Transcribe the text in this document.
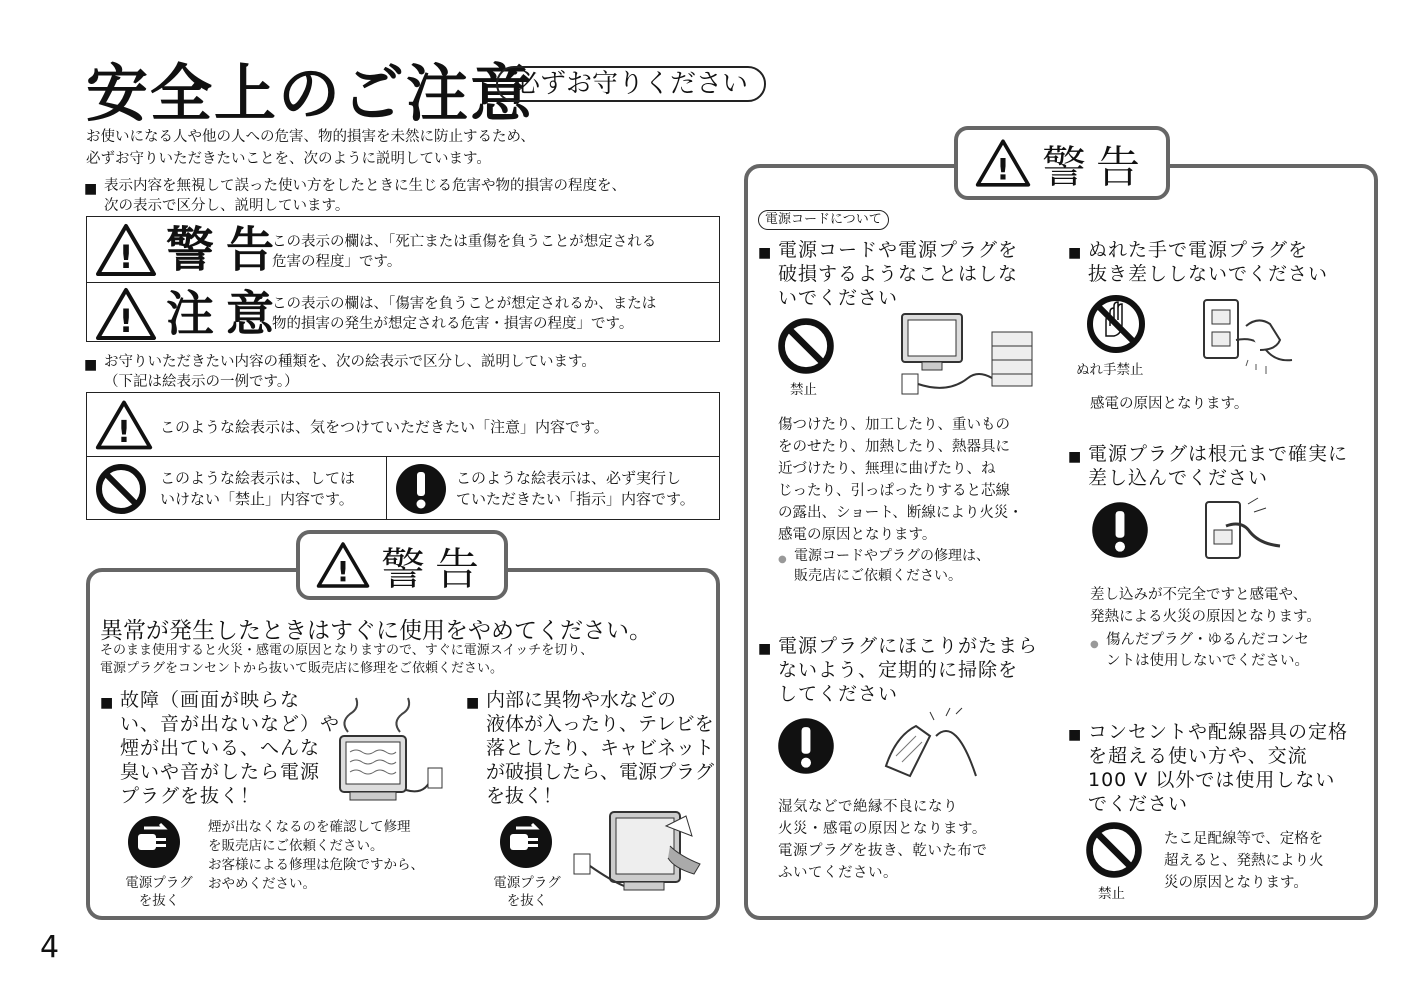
安全上のご注意
必ずお守りください
お使いになる人や他の人への危害、物的損害を未然に防止するため、
必ずお守りいただきたいことを、次のように説明しています。
■ 表示内容を無視して誤った使い方をしたときに生じる危害や物的損害の程度を、
次の表示で区分し、説明しています。
! 警告
この表示の欄は、「死亡または重傷を負うことが想定される
危害の程度」です。
! 注意
この表示の欄は、「傷害を負うことが想定されるか、または
物的損害の発生が想定される危害・損害の程度」です。
■ お守りいただきたい内容の種類を、次の絵表示で区分し、説明しています。
（下記は絵表示の一例です。）
! このような絵表示は、気をつけていただきたい「注意」内容です。
このような絵表示は、しては
いけない「禁止」内容です。
このような絵表示は、必ず実行し
ていただきたい「指示」内容です。
! 警告
異常が発生したときはすぐに使用をやめてください。
そのまま使用すると火災・感電の原因となりますので、すぐに電源スイッチを切り、
電源プラグをコンセントから抜いて販売店に修理をご依頼ください。
■ 故障（画面が映らな
い、音が出ないなど）や
煙が出ている、へんな
臭いや音がしたら電源
プラグを抜く！
■ 内部に異物や水などの
液体が入ったり、テレビを
落としたり、キャビネット
が破損したら、電源プラグ
を抜く！
電源プラグ
を抜く
煙が出なくなるのを確認して修理
を販売店にご依頼ください。
お客様による修理は危険ですから、
おやめください。	電源プラグ
を抜く
! 警告
電源コードについて
■ 電源コードや電源プラグを
破損するようなことはしな
いでください
禁止
傷つけたり、加工したり、重いもの
をのせたり、加熱したり、熱器具に
近づけたり、無理に曲げたり、ね
じったり、引っぱったりすると芯線
の露出、ショート、断線により火災・
感電の原因となります。
● 電源コードやプラグの修理は、
販売店にご依頼ください。
■ 電源プラグにほこりがたまら
ないよう、定期的に掃除を
してください
湿気などで絶縁不良になり
火災・感電の原因となります。
電源プラグを抜き、乾いた布で
ふいてください。
■ ぬれた手で電源プラグを
抜き差ししないでください
ぬれ手禁止
感電の原因となります。
■ 電源プラグは根元まで確実に
差し込んでください
差し込みが不完全ですと感電や、
発熱による火災の原因となります。
● 傷んだプラグ・ゆるんだコンセ
ントは使用しないでください。
■ コンセントや配線器具の定格
を超える使い方や、交流
100 V 以外では使用しない
でください
禁止
たこ足配線等で、定格を
超えると、発熱により火
災の原因となります。
4
